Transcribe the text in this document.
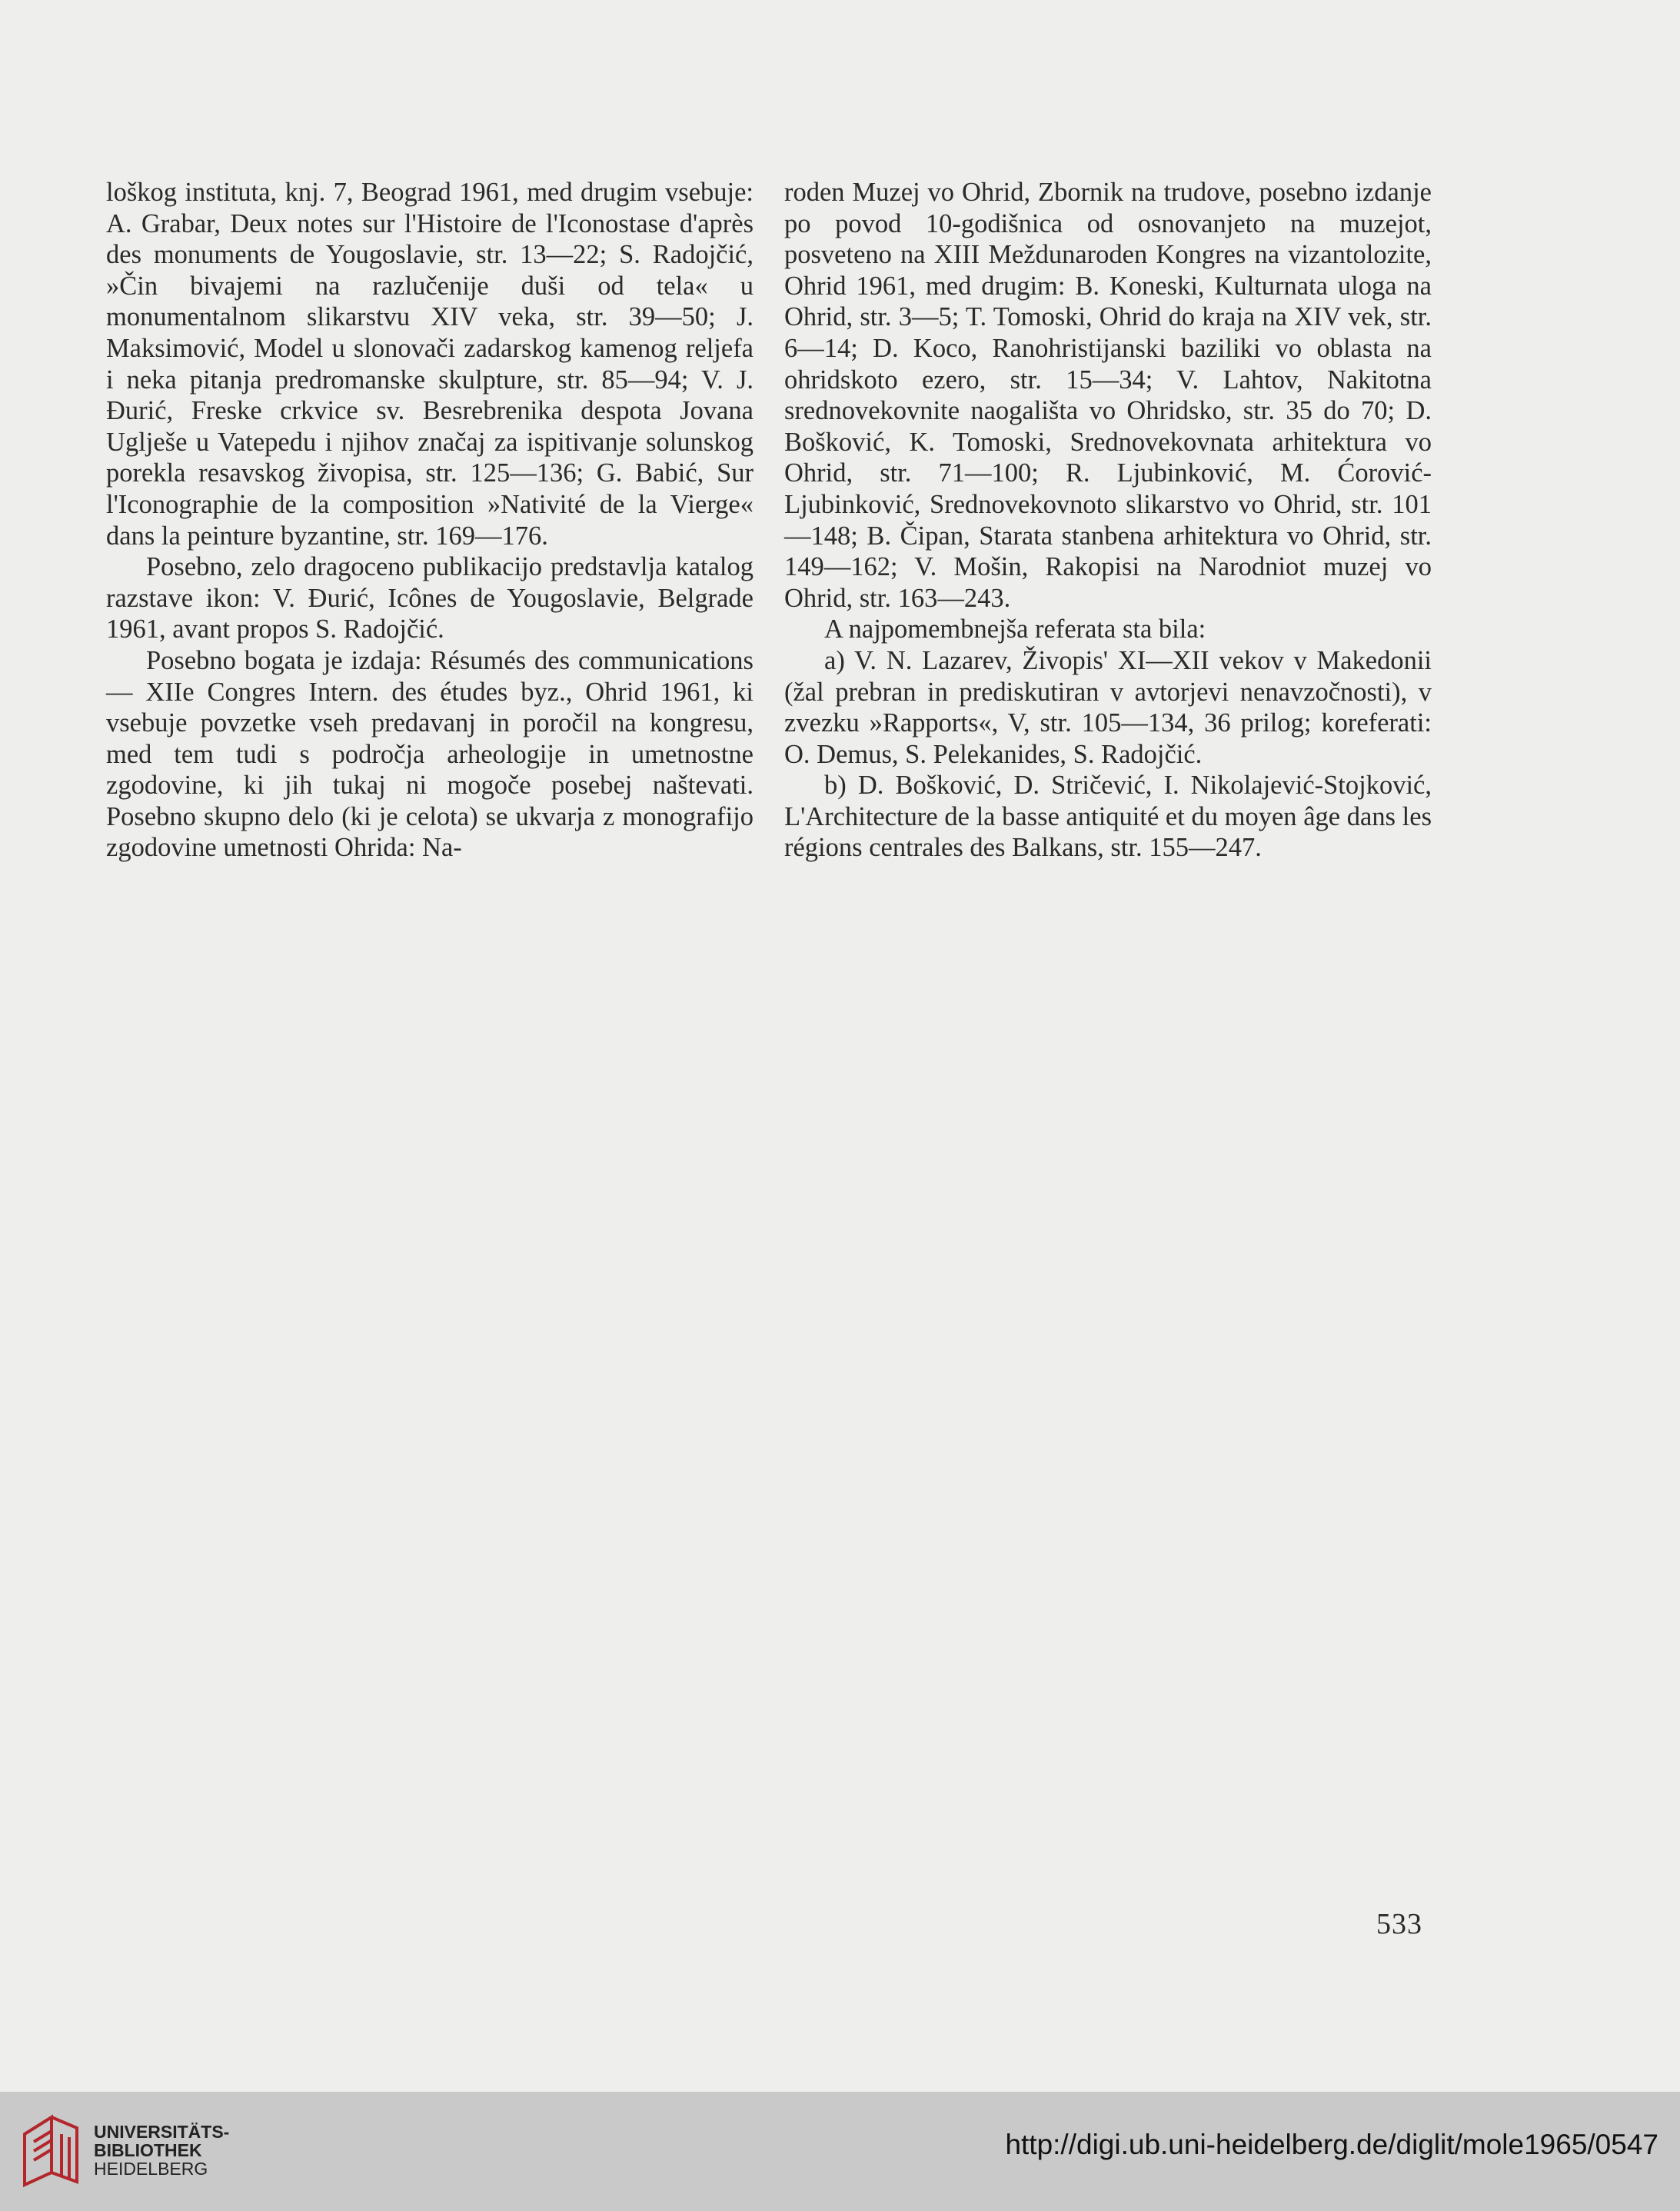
loškog instituta, knj. 7, Beograd 1961, med drugim vsebuje: A. Grabar, Deux notes sur l'Histoire de l'Iconostase d'après des monuments de Yougoslavie, str. 13—22; S. Radojčić, »Čin bivajemi na razlučenije duši od tela« u monumentalnom slikarstvu XIV veka, str. 39—50; J. Maksimović, Model u slonovači zadarskog kamenog reljefa i neka pitanja predromanske skulpture, str. 85—94; V. J. Đurić, Freske crkvice sv. Besrebrenika despota Jovana Uglješe u Vatepedu i njihov značaj za ispitivanje solunskog porekla resavskog živopisa, str. 125—136; G. Babić, Sur l'Iconographie de la composition »Nativité de la Vierge« dans la peinture byzantine, str. 169—176.

Posebno, zelo dragoceno publikacijo predstavlja katalog razstave ikon: V. Đurić, Icônes de Yougoslavie, Belgrade 1961, avant propos S. Radojčić.

Posebno bogata je izdaja: Résumés des communications — XIIe Congres Intern. des études byz., Ohrid 1961, ki vsebuje povzetke vseh predavanj in poročil na kongresu, med tem tudi s področja arheologije in umetnostne zgodovine, ki jih tukaj ni mogoče posebej naštevati. Posebno skupno delo (ki je celota) se ukvarja z monografijo zgodovine umetnosti Ohrida: Na-

roden Muzej vo Ohrid, Zbornik na trudove, posebno izdanje po povod 10-godišnica od osnovanjeto na muzejot, posveteno na XIII Meždunaroden Kongres na vizantolozite, Ohrid 1961, med drugim: B. Koneski, Kulturnata uloga na Ohrid, str. 3—5; T. Tomoski, Ohrid do kraja na XIV vek, str. 6—14; D. Koco, Ranohristijanski baziliki vo oblasta na ohridskoto ezero, str. 15—34; V. Lahtov, Nakitotna srednovekovnite naogališta vo Ohridsko, str. 35 do 70; D. Bošković, K. Tomoski, Srednovekovnata arhitektura vo Ohrid, str. 71—100; R. Ljubinković, M. Ćorović-Ljubinković, Srednovekovnoto slikarstvo vo Ohrid, str. 101—148; B. Čipan, Starata stanbena arhitektura vo Ohrid, str. 149—162; V. Mošin, Rakopisi na Narodniot muzej vo Ohrid, str. 163—243.

A najpomembnejša referata sta bila:

a) V. N. Lazarev, Živopis' XI—XII vekov v Makedonii (žal prebran in prediskutiran v avtorjevi nenavzočnosti), v zvezku »Rapports«, V, str. 105—134, 36 prilog; koreferati: O. Demus, S. Pelekanides, S. Radojčić.

b) D. Bošković, D. Stričević, I. Nikolajević-Stojković, L'Architecture de la basse antiquité et du moyen âge dans les régions centrales des Balkans, str. 155—247.

533
UNIVERSITÄTS-
BIBLIOTHEK
HEIDELBERG
http://digi.ub.uni-heidelberg.de/diglit/mole1965/0547
